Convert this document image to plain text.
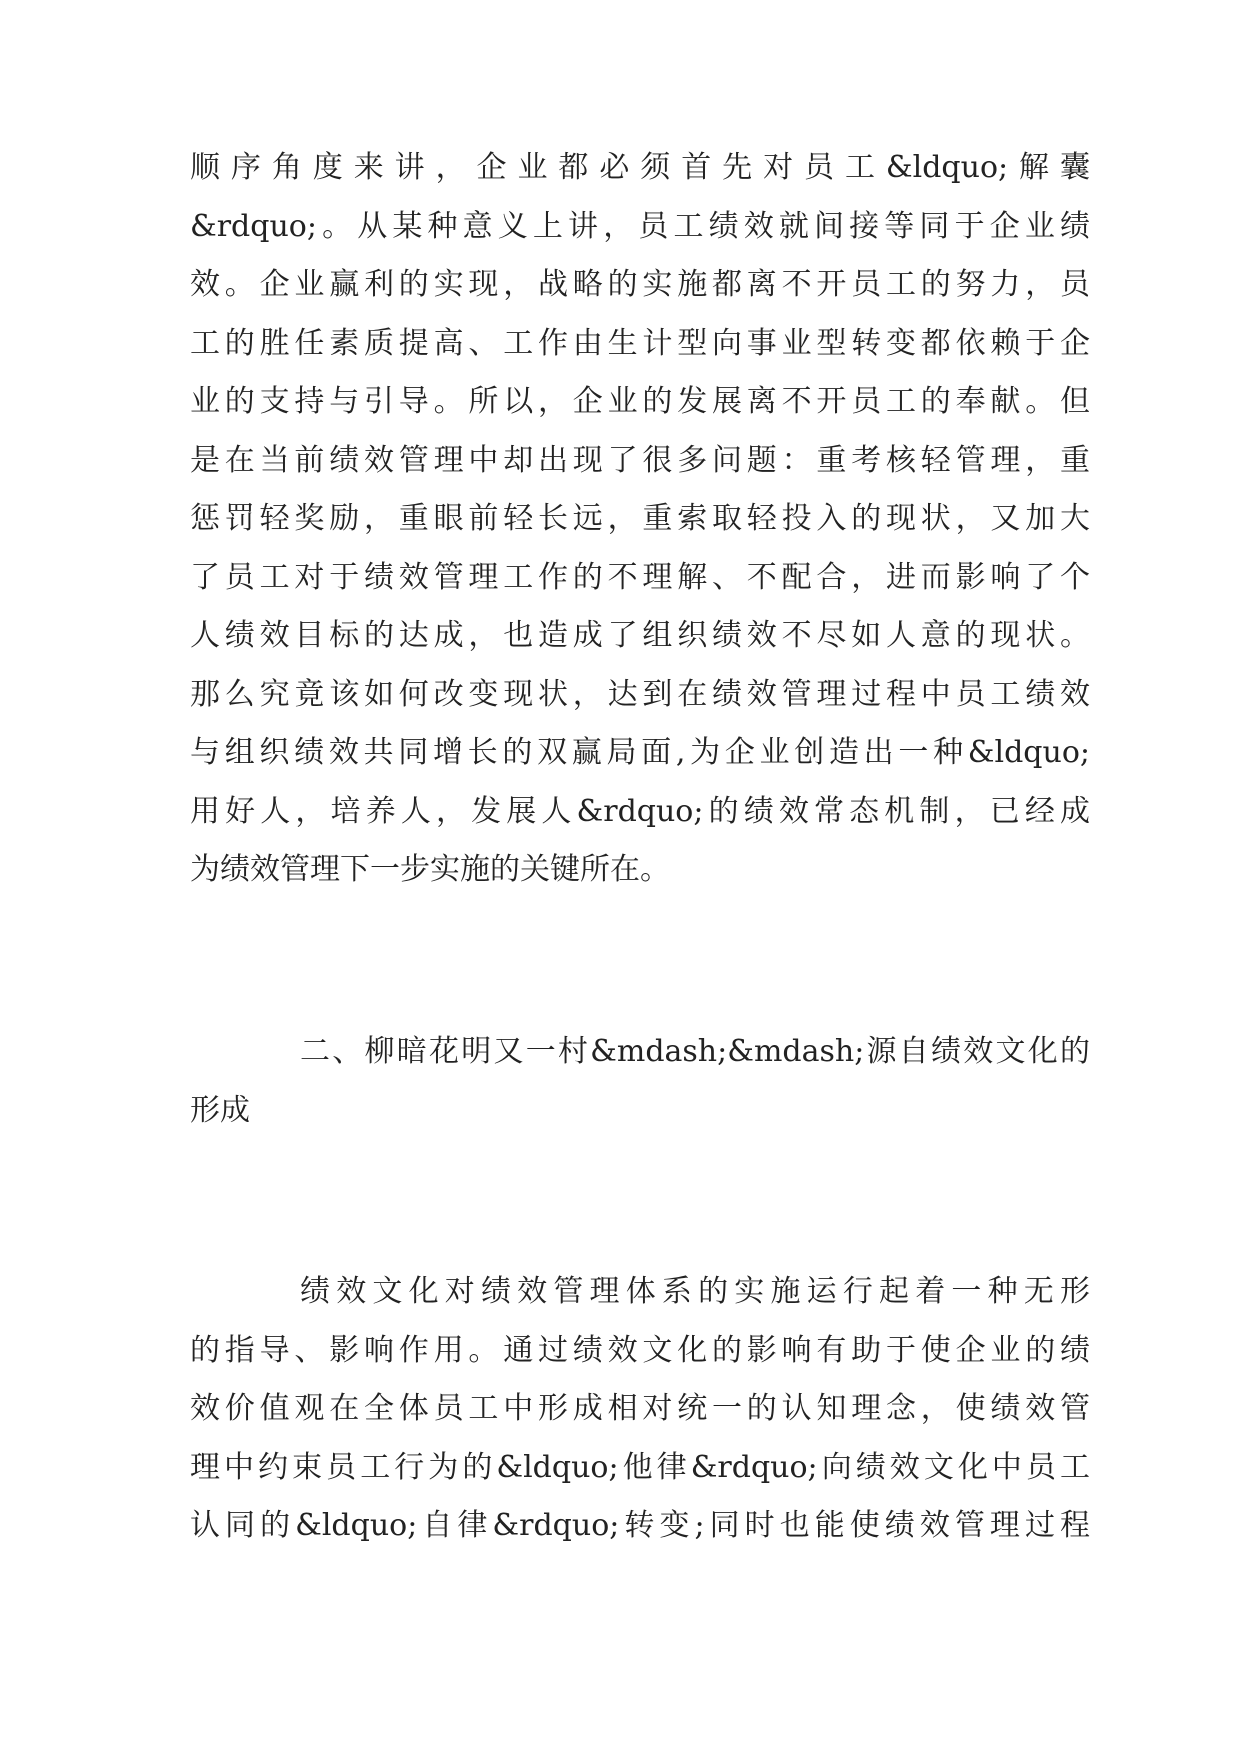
顺序角度来讲，企业都必须首先对员工&ldquo;解囊
&rdquo;。从某种意义上讲，员工绩效就间接等同于企业绩
效。企业赢利的实现，战略的实施都离不开员工的努力，员
工的胜任素质提高、工作由生计型向事业型转变都依赖于企
业的支持与引导。所以，企业的发展离不开员工的奉献。但
是在当前绩效管理中却出现了很多问题：重考核轻管理，重
惩罚轻奖励，重眼前轻长远，重索取轻投入的现状，又加大
了员工对于绩效管理工作的不理解、不配合，进而影响了个
人绩效目标的达成，也造成了组织绩效不尽如人意的现状。
那么究竟该如何改变现状，达到在绩效管理过程中员工绩效
与组织绩效共同增长的双赢局面,为企业创造出一种&ldquo;
用好人，培养人，发展人&rdquo;的绩效常态机制，已经成
为绩效管理下一步实施的关键所在。
二、柳暗花明又一村&mdash;&mdash;源自绩效文化的
形成
绩效文化对绩效管理体系的实施运行起着一种无形
的指导、影响作用。通过绩效文化的影响有助于使企业的绩
效价值观在全体员工中形成相对统一的认知理念，使绩效管
理中约束员工行为的&ldquo;他律&rdquo;向绩效文化中员工
认同的&ldquo;自律&rdquo;转变;同时也能使绩效管理过程
